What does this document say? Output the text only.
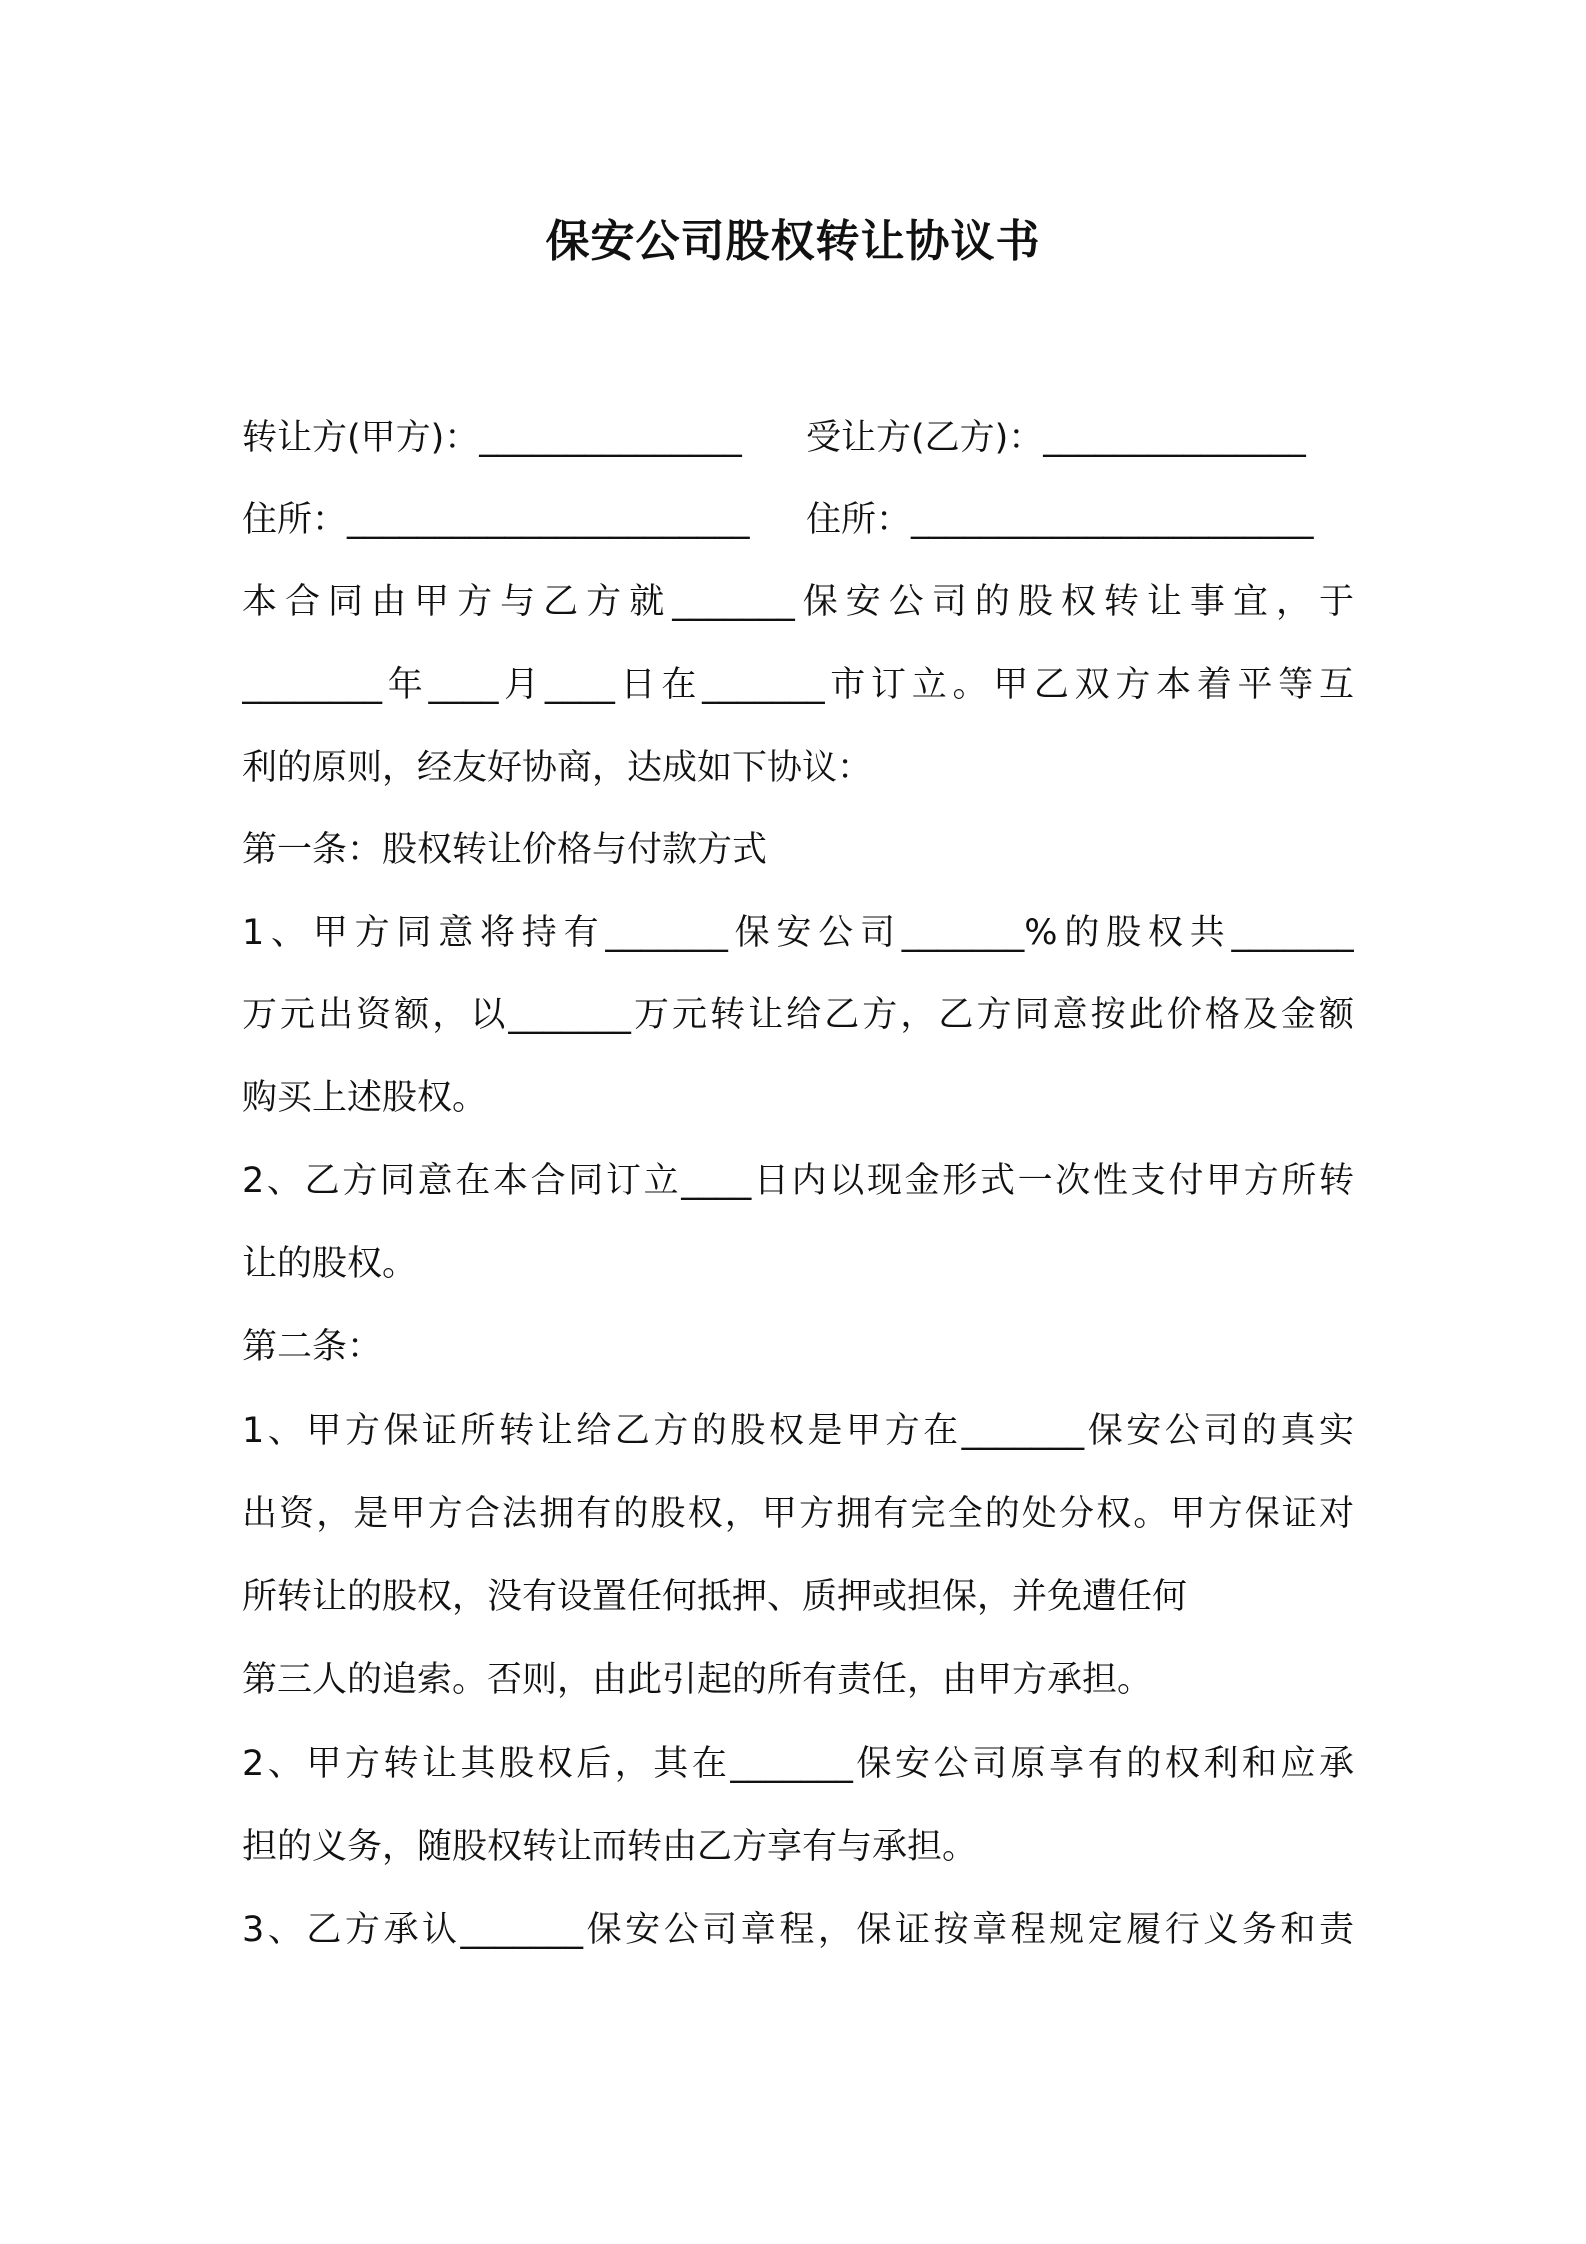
保安公司股权转让协议书
转让方(甲方)：_______________	受让方(乙方)：_______________
住所：_______________________	住所：_______________________
本合同由甲方与乙方就_______保安公司的股权转让事宜，于
________年____月____日在_______市订立。甲乙双方本着平等互
利的原则，经友好协商，达成如下协议：
第一条：股权转让价格与付款方式
1、甲方同意将持有_______保安公司_______%的股权共_______
万元出资额，以_______万元转让给乙方，乙方同意按此价格及金额
购买上述股权。
2、乙方同意在本合同订立____日内以现金形式一次性支付甲方所转
让的股权。
第二条：
1、甲方保证所转让给乙方的股权是甲方在_______保安公司的真实
出资，是甲方合法拥有的股权，甲方拥有完全的处分权。甲方保证对
所转让的股权，没有设置任何抵押、质押或担保，并免遭任何
第三人的追索。否则，由此引起的所有责任，由甲方承担。
2、甲方转让其股权后，其在_______保安公司原享有的权利和应承
担的义务，随股权转让而转由乙方享有与承担。
3、乙方承认_______保安公司章程，保证按章程规定履行义务和责
